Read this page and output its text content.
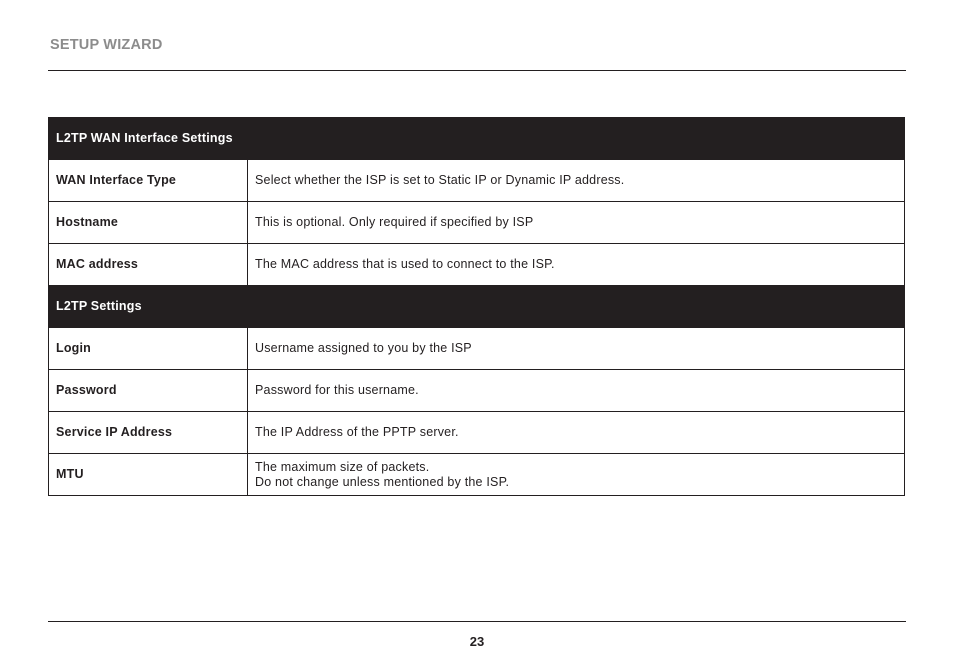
SETUP WIZARD
L2TP WAN Interface Settings	
WAN Interface Type	Select whether the ISP is set to Static IP or Dynamic IP address.

Hostname	This is optional. Only required if specified by ISP

MAC address	The MAC address that is used to connect to the ISP.

L2TP Settings	
Login	Username assigned to you by the ISP

Password	Password for this username.

Service IP Address	The IP Address of the PPTP server.

MTU	The maximum size of packets.
Do not change unless mentioned by the ISP.
23
